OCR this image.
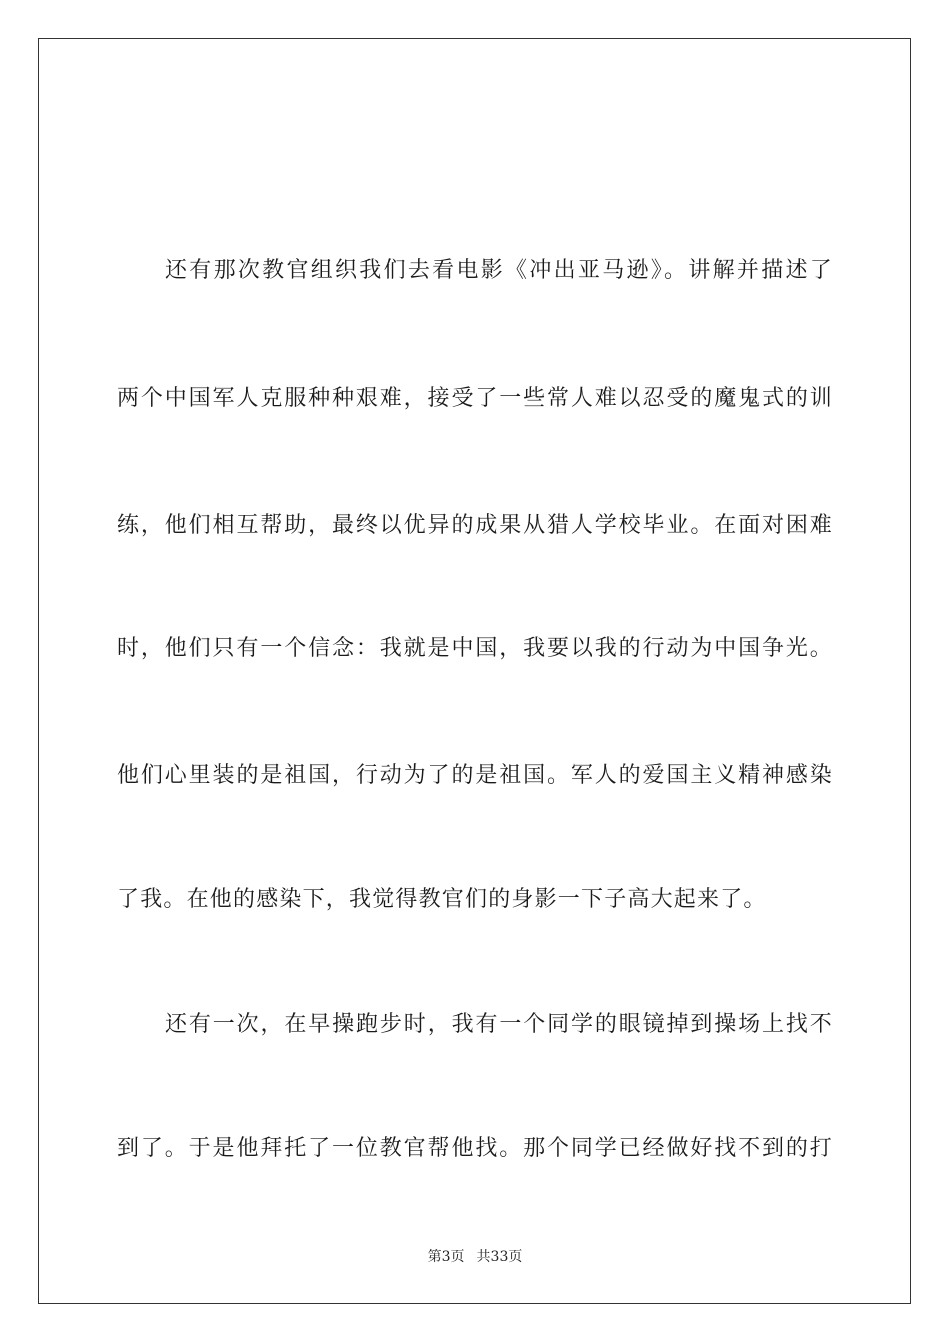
还有那次教官组织我们去看电影《冲出亚马逊》。讲解并描述了
两个中国军人克服种种艰难，接受了一些常人难以忍受的魔鬼式的训
练，他们相互帮助，最终以优异的成果从猎人学校毕业。在面对困难
时，他们只有一个信念：我就是中国，我要以我的行动为中国争光。
他们心里装的是祖国，行动为了的是祖国。军人的爱国主义精神感染
了我。在他的感染下，我觉得教官们的身影一下子高大起来了。
还有一次，在早操跑步时，我有一个同学的眼镜掉到操场上找不
到了。于是他拜托了一位教官帮他找。那个同学已经做好找不到的打
第3页 共33页
